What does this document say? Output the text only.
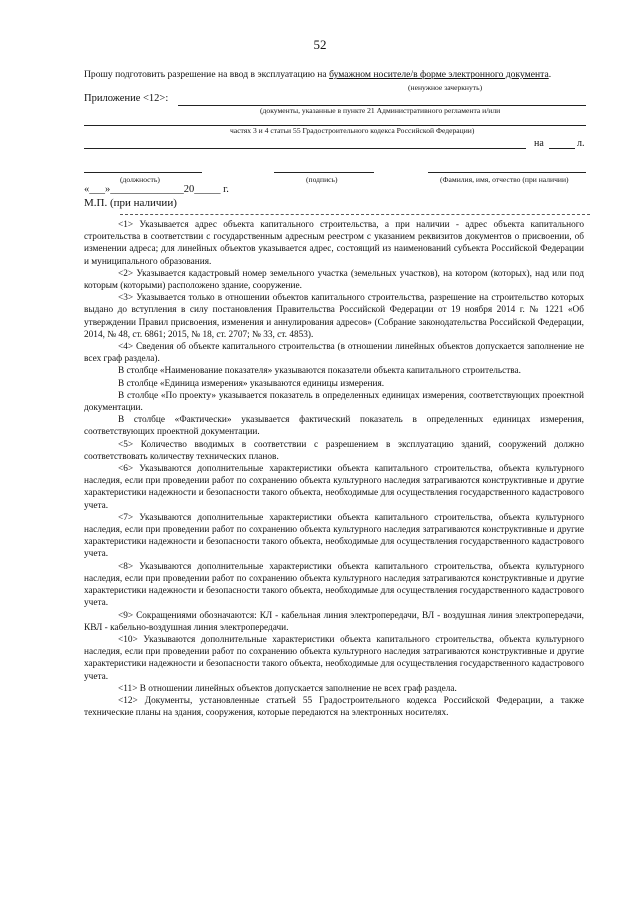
52
Прошу подготовить разрешение на ввод в эксплуатацию на бумажном носителе/в форме электронного документа.
(ненужное зачеркнуть)
Приложение <12>:
(документы, указанные в пункте 21 Административного регламента и/или
частях 3 и 4 статьи 55 Градостроительного кодекса Российской Федерации)
на	л.
(должность)	(подпись)	(Фамилия, имя, отчество (при наличии)
«___»______________20_____ г.
М.П. (при наличии)

<1> Указывается адрес объекта капитального строительства, а при наличии - адрес объекта капитального строительства в соответствии с государственным адресным реестром с указанием реквизитов документов о присвоении, об изменении адреса; для линейных объектов указывается адрес, состоящий из наименований субъекта Российской Федерации и муниципального образования.

<2> Указывается кадастровый номер земельного участка (земельных участков), на котором (которых), над или под которым (которыми) расположено здание, сооружение.

<3> Указывается только в отношении объектов капитального строительства, разрешение на строительство которых выдано до вступления в силу постановления Правительства Российской Федерации от 19 ноября 2014 г. № 1221 «Об утверждении Правил присвоения, изменения и аннулирования адресов» (Собрание законодательства Российской Федерации, 2014, № 48, ст. 6861; 2015, № 18, ст. 2707; № 33, ст. 4853).

<4> Сведения об объекте капитального строительства (в отношении линейных объектов допускается заполнение не всех граф раздела).

В столбце «Наименование показателя» указываются показатели объекта капитального строительства.

В столбце «Единица измерения» указываются единицы измерения.

В столбце «По проекту» указывается показатель в определенных единицах измерения, соответствующих проектной документации.

В столбце «Фактически» указывается фактический показатель в определенных единицах измерения, соответствующих проектной документации.

<5> Количество вводимых в соответствии с разрешением в эксплуатацию зданий, сооружений должно соответствовать количеству технических планов.

<6> Указываются дополнительные характеристики объекта капитального строительства, объекта культурного наследия, если при проведении работ по сохранению объекта культурного наследия затрагиваются конструктивные и другие характеристики надежности и безопасности такого объекта, необходимые для осуществления государственного кадастрового учета.

<7> Указываются дополнительные характеристики объекта капитального строительства, объекта культурного наследия, если при проведении работ по сохранению объекта культурного наследия затрагиваются конструктивные и другие характеристики надежности и безопасности такого объекта, необходимые для осуществления государственного кадастрового учета.

<8> Указываются дополнительные характеристики объекта капитального строительства, объекта культурного наследия, если при проведении работ по сохранению объекта культурного наследия затрагиваются конструктивные и другие характеристики надежности и безопасности такого объекта, необходимые для осуществления государственного кадастрового учета.

<9> Сокращениями обозначаются: КЛ - кабельная линия электропередачи, ВЛ - воздушная линия электропередачи, КВЛ - кабельно-воздушная линия электропередачи.

<10> Указываются дополнительные характеристики объекта капитального строительства, объекта культурного наследия, если при проведении работ по сохранению объекта культурного наследия затрагиваются конструктивные и другие характеристики надежности и безопасности такого объекта, необходимые для осуществления государственного кадастрового учета.

<11> В отношении линейных объектов допускается заполнение не всех граф раздела.

<12> Документы, установленные статьей 55 Градостроительного кодекса Российской Федерации, а также технические планы на здания, сооружения, которые передаются на электронных носителях.
